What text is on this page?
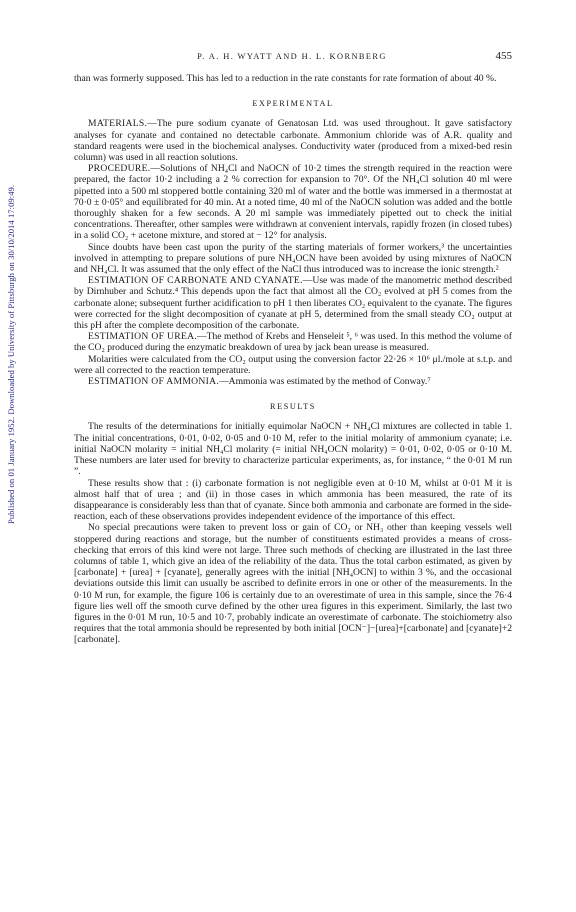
Published on 01 January 1952. Downloaded by University of Pittsburgh on 30/10/2014 17:09:49.
P. A. H. WYATT AND H. L. KORNBERG	455

than was formerly supposed. This has led to a reduction in the rate constants for rate formation of about 40 %.

EXPERIMENTAL

MATERIALS.—The pure sodium cyanate of Genatosan Ltd. was used throughout. It gave satisfactory analyses for cyanate and contained no detectable carbonate. Ammonium chloride was of A.R. quality and standard reagents were used in the biochemical analyses. Conductivity water (produced from a mixed-bed resin column) was used in all reaction solutions.

PROCEDURE.—Solutions of NH₄Cl and NaOCN of 10·2 times the strength required in the reaction were prepared, the factor 10·2 including a 2 % correction for expansion to 70°. Of the NH₄Cl solution 40 ml were pipetted into a 500 ml stoppered bottle containing 320 ml of water and the bottle was immersed in a thermostat at 70·0 ± 0·05° and equilibrated for 40 min. At a noted time, 40 ml of the NaOCN solution was added and the bottle thoroughly shaken for a few seconds. A 20 ml sample was immediately pipetted out to check the initial concentrations. Thereafter, other samples were withdrawn at convenient intervals, rapidly frozen (in closed tubes) in a solid CO₂ + acetone mixture, and stored at − 12° for analysis.

Since doubts have been cast upon the purity of the starting materials of former workers,³ the uncertainties involved in attempting to prepare solutions of pure NH₄OCN have been avoided by using mixtures of NaOCN and NH₄Cl. It was assumed that the only effect of the NaCl thus introduced was to increase the ionic strength.²

ESTIMATION OF CARBONATE AND CYANATE.—Use was made of the manometric method described by Dirnhuber and Schutz.⁴ This depends upon the fact that almost all the CO₂ evolved at pH 5 comes from the carbonate alone; subsequent further acidification to pH 1 then liberates CO₂ equivalent to the cyanate. The figures were corrected for the slight decomposition of cyanate at pH 5, determined from the small steady CO₂ output at this pH after the complete decomposition of the carbonate.

ESTIMATION OF UREA.—The method of Krebs and Henseleit ⁵, ⁶ was used. In this method the volume of the CO₂ produced during the enzymatic breakdown of urea by jack bean urease is measured.

Molarities were calculated from the CO₂ output using the conversion factor 22·26 × 10⁶ μl./mole at s.t.p. and were all corrected to the reaction temperature.

ESTIMATION OF AMMONIA.—Ammonia was estimated by the method of Conway.⁷

RESULTS

The results of the determinations for initially equimolar NaOCN + NH₄Cl mixtures are collected in table 1. The initial concentrations, 0·01, 0·02, 0·05 and 0·10 M, refer to the initial molarity of ammonium cyanate; i.e. initial NaOCN molarity = initial NH₄Cl molarity (= initial NH₄OCN molarity) = 0·01, 0·02, 0·05 or 0·10 M. These numbers are later used for brevity to characterize particular experiments, as, for instance, “ the 0·01 M run ”.

These results show that : (i) carbonate formation is not negligible even at 0·10 M, whilst at 0·01 M it is almost half that of urea ; and (ii) in those cases in which ammonia has been measured, the rate of its disappearance is considerably less than that of cyanate. Since both ammonia and carbonate are formed in the side-reaction, each of these observations provides independent evidence of the importance of this effect.

No special precautions were taken to prevent loss or gain of CO₂ or NH₃ other than keeping vessels well stoppered during reactions and storage, but the number of constituents estimated provides a means of cross-checking that errors of this kind were not large. Three such methods of checking are illustrated in the last three columns of table 1, which give an idea of the reliability of the data. Thus the total carbon estimated, as given by [carbonate] + [urea] + [cyanate], generally agrees with the initial [NH₄OCN] to within 3 %, and the occasional deviations outside this limit can usually be ascribed to definite errors in one or other of the measurements. In the 0·10 M run, for example, the figure 106 is certainly due to an overestimate of urea in this sample, since the 76·4 figure lies well off the smooth curve defined by the other urea figures in this experiment. Similarly, the last two figures in the 0·01 M run, 10·5 and 10·7, probably indicate an overestimate of carbonate. The stoichiometry also requires that the total ammonia should be represented by both initial [OCN⁻]−[urea]+[carbonate] and [cyanate]+2 [carbonate].
